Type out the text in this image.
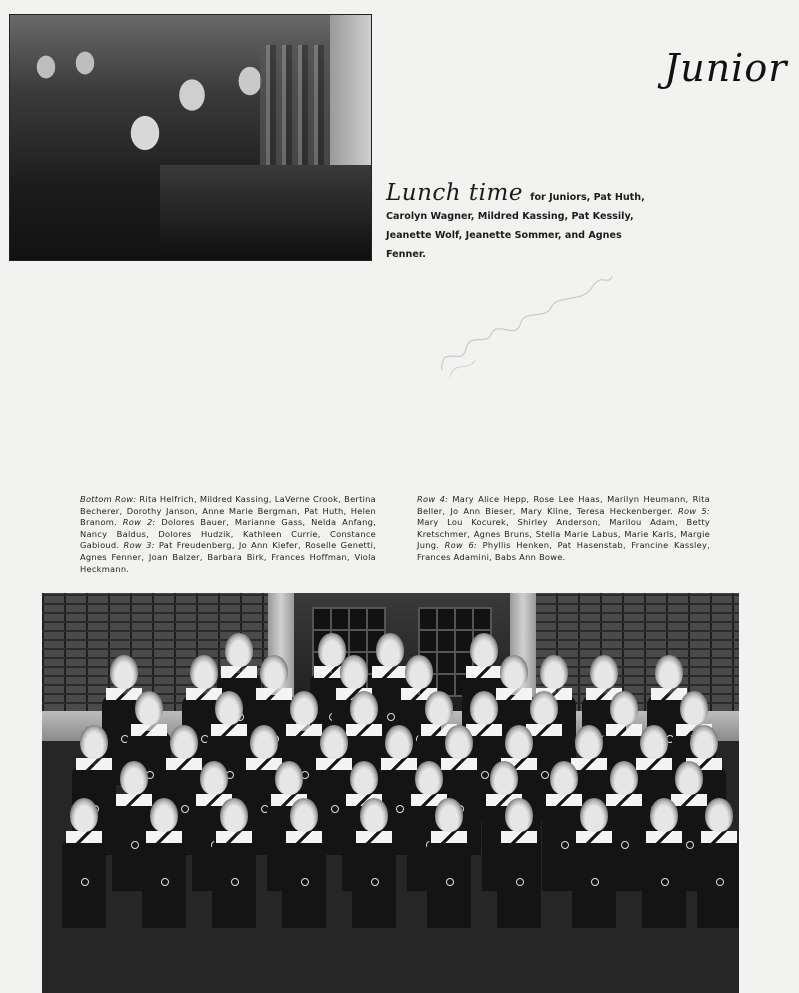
Junior
Lunch time for Juniors, Pat Huth, Carolyn Wagner, Mildred Kassing, Pat Kessily, Jeanette Wolf, Jeanette Sommer, and Agnes Fenner.
Bottom Row: Rita Helfrich, Mildred Kassing, LaVerne Crook, Bertina Becherer, Dorothy Janson, Anne Marie Bergman, Pat Huth, Helen Branom. Row 2: Dolores Bauer, Marianne Gass, Nelda Anfang, Nancy Baldus, Dolores Hudzik, Kathleen Currie, Constance Gabioud. Row 3: Pat Freudenberg, Jo Ann Kiefer, Roselle Genetti, Agnes Fenner, Joan Balzer, Barbara Birk, Frances Hoffman, Viola Heckmann.
Row 4: Mary Alice Hepp, Rose Lee Haas, Marilyn Heumann, Rita Beller, Jo Ann Bieser, Mary Kline, Teresa Heckenberger. Row 5: Mary Lou Kocurek, Shirley Anderson, Marilou Adam, Betty Kretschmer, Agnes Bruns, Stella Marie Labus, Marie Karls, Margie Jung. Row 6: Phyllis Henken, Pat Hasenstab, Francine Kassley, Frances Adamini, Babs Ann Bowe.
